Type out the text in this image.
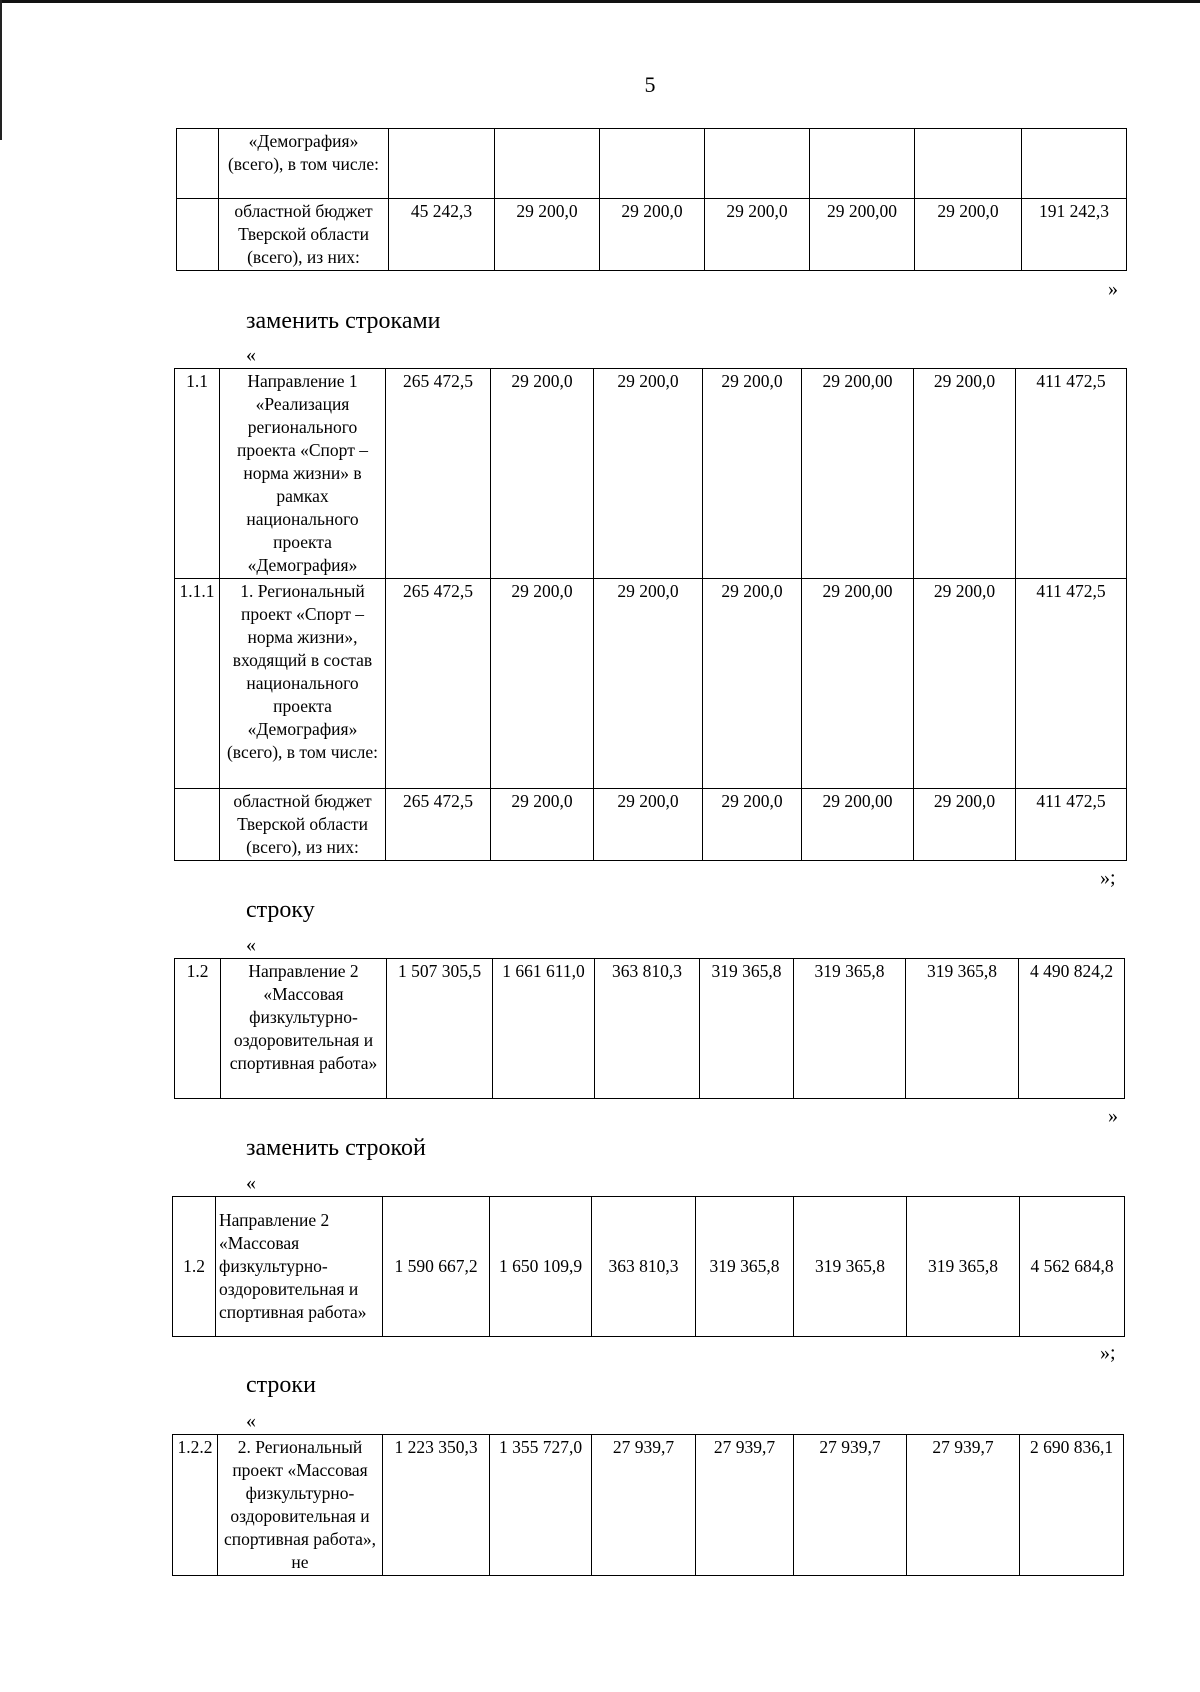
5
	«Демография» (всего), в том числе:							
	областной бюджет Тверской области (всего), из них:	45 242,3	29 200,0	29 200,0	29 200,0	29 200,00	29 200,0	191 242,3
»
заменить строками
«
1.1	Направление 1 «Реализация регионального проекта «Спорт – норма жизни» в рамках национального проекта «Демография»	265 472,5	29 200,0	29 200,0	29 200,0	29 200,00	29 200,0	411 472,5
1.1.1	1. Региональный проект «Спорт – норма жизни», входящий в состав национального проекта «Демография» (всего), в том числе:	265 472,5	29 200,0	29 200,0	29 200,0	29 200,00	29 200,0	411 472,5
	областной бюджет Тверской области (всего), из них:	265 472,5	29 200,0	29 200,0	29 200,0	29 200,00	29 200,0	411 472,5
»;
строку
«
1.2	Направление 2 «Массовая физкультурно-оздоровительная и спортивная работа»	1 507 305,5	1 661 611,0	363 810,3	319 365,8	319 365,8	319 365,8	4 490 824,2
»
заменить строкой
«
1.2	Направление 2 «Массовая физкультурно-оздоровительная и спортивная работа»	1 590 667,2	1 650 109,9	363 810,3	319 365,8	319 365,8	319 365,8	4 562 684,8
»;
строки
«
1.2.2	2. Региональный проект «Массовая физкультурно-оздоровительная и спортивная работа», не	1 223 350,3	1 355 727,0	27 939,7	27 939,7	27 939,7	27 939,7	2 690 836,1
